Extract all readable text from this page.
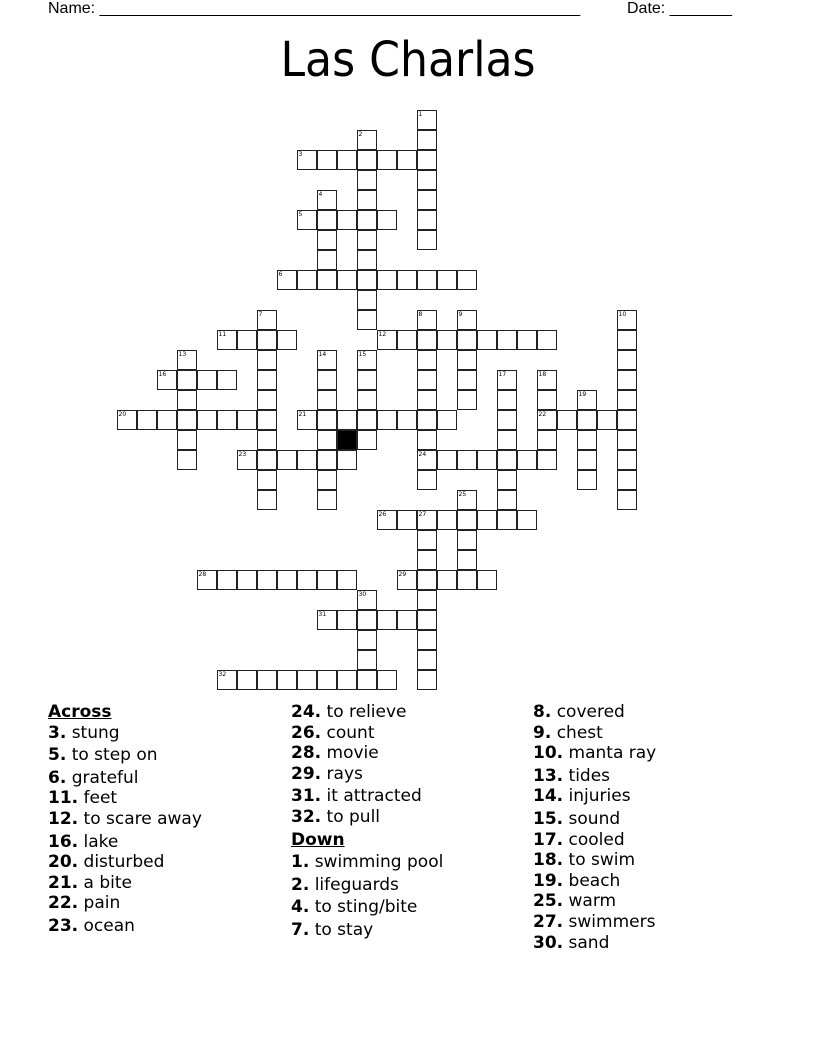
Name: ______________________________________________________	Date: _______
Las Charlas
1
2
3
4
5
6
7	8
24
9	10
11	12
13	14	15
16	17	18
22
19
20	21
23
25
26	27
28	29
30
31
32
Across
3. stung
5. to step on
6. grateful
11. feet
12. to scare away
16. lake
20. disturbed
21. a bite
22. pain
23. ocean
24. to relieve
26. count
28. movie
29. rays
31. it attracted
32. to pull
Down
1. swimming pool
2. lifeguards
4. to sting/bite
7. to stay
8. covered
9. chest
10. manta ray
13. tides
14. injuries
15. sound
17. cooled
18. to swim
19. beach
25. warm
27. swimmers
30. sand
